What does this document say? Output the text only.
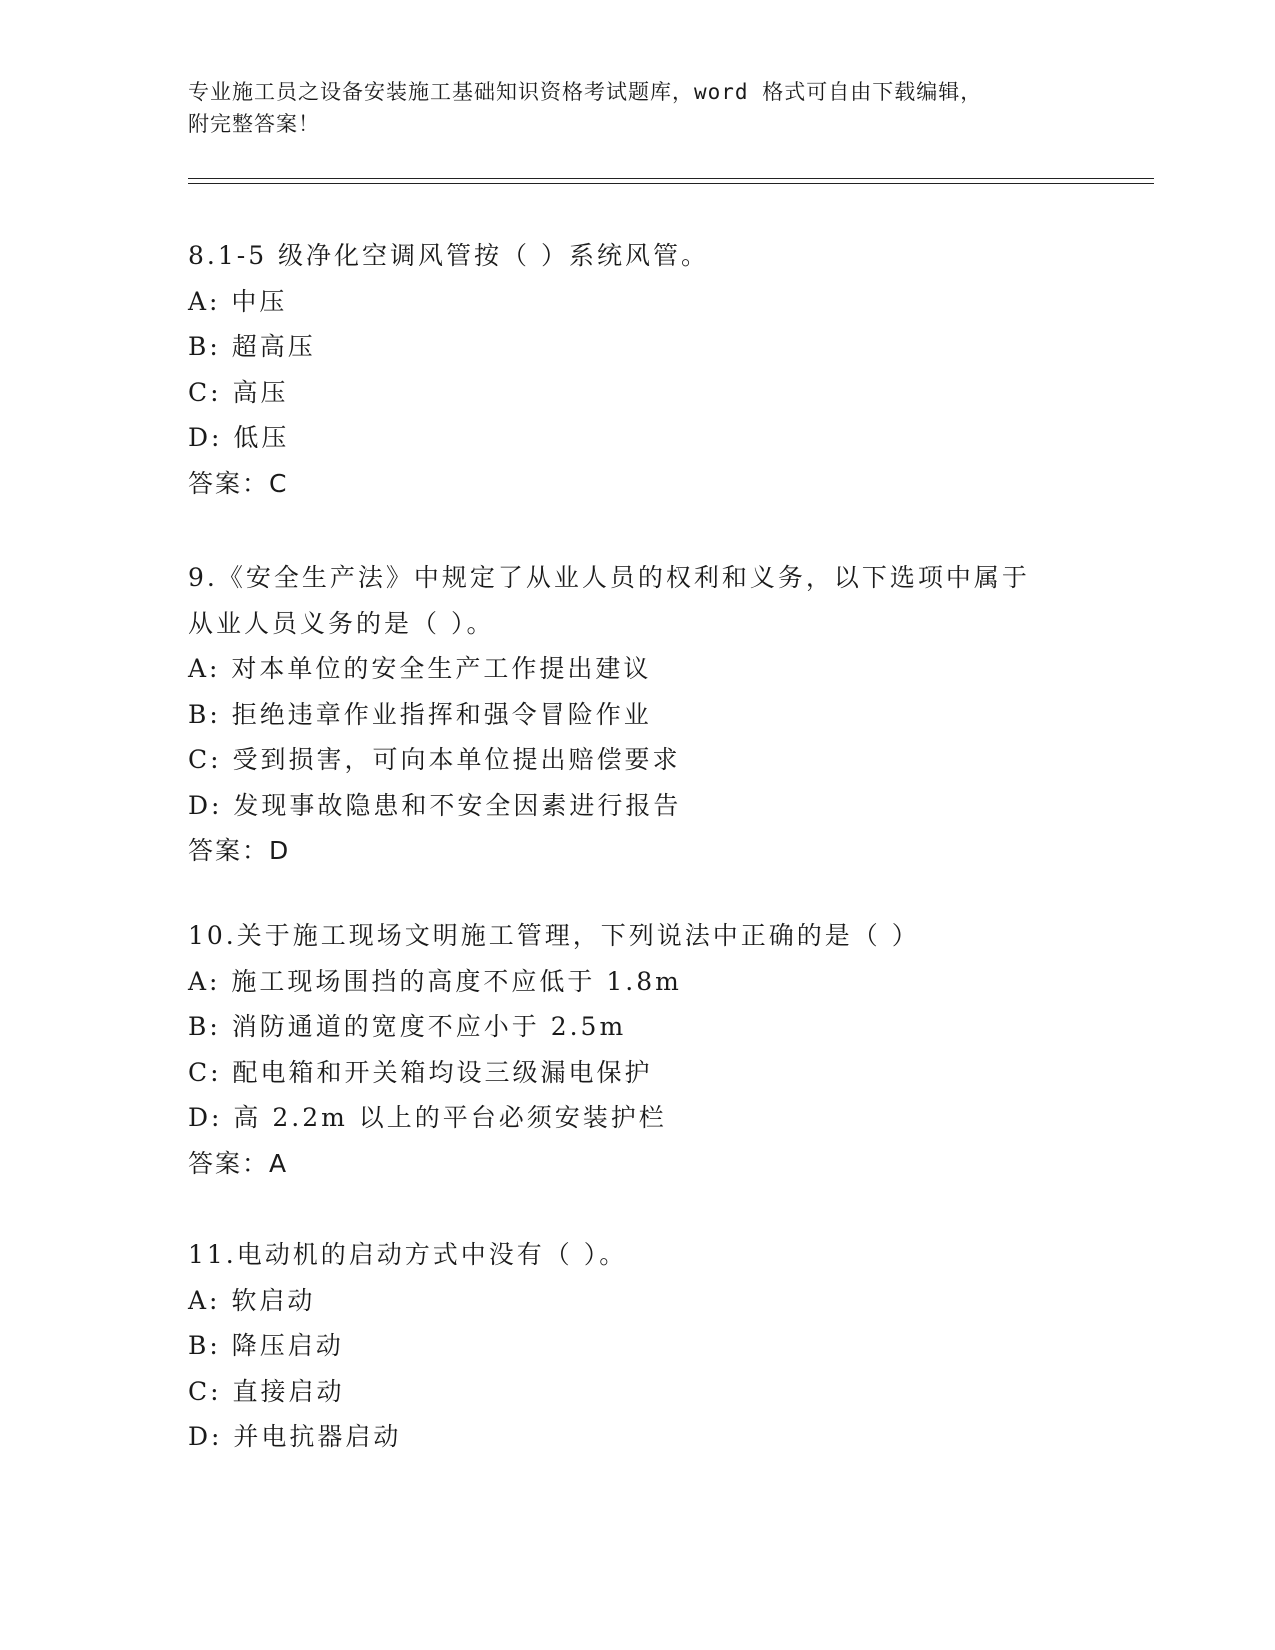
专业施工员之设备安装施工基础知识资格考试题库，word 格式可自由下载编辑，
附完整答案！
8.1-5 级净化空调风管按（ ）系统风管。
A: 中压
B: 超高压
C: 高压
D: 低压
答案：C
9.《安全生产法》中规定了从业人员的权利和义务，以下选项中属于
从业人员义务的是（ ）。
A: 对本单位的安全生产工作提出建议
B: 拒绝违章作业指挥和强令冒险作业
C: 受到损害，可向本单位提出赔偿要求
D: 发现事故隐患和不安全因素进行报告
答案：D
10.关于施工现场文明施工管理，下列说法中正确的是（ ）
A: 施工现场围挡的高度不应低于 1.8m
B: 消防通道的宽度不应小于 2.5m
C: 配电箱和开关箱均设三级漏电保护
D: 高 2.2m 以上的平台必须安装护栏
答案：A
11.电动机的启动方式中没有（ ）。
A: 软启动
B: 降压启动
C: 直接启动
D: 并电抗器启动
